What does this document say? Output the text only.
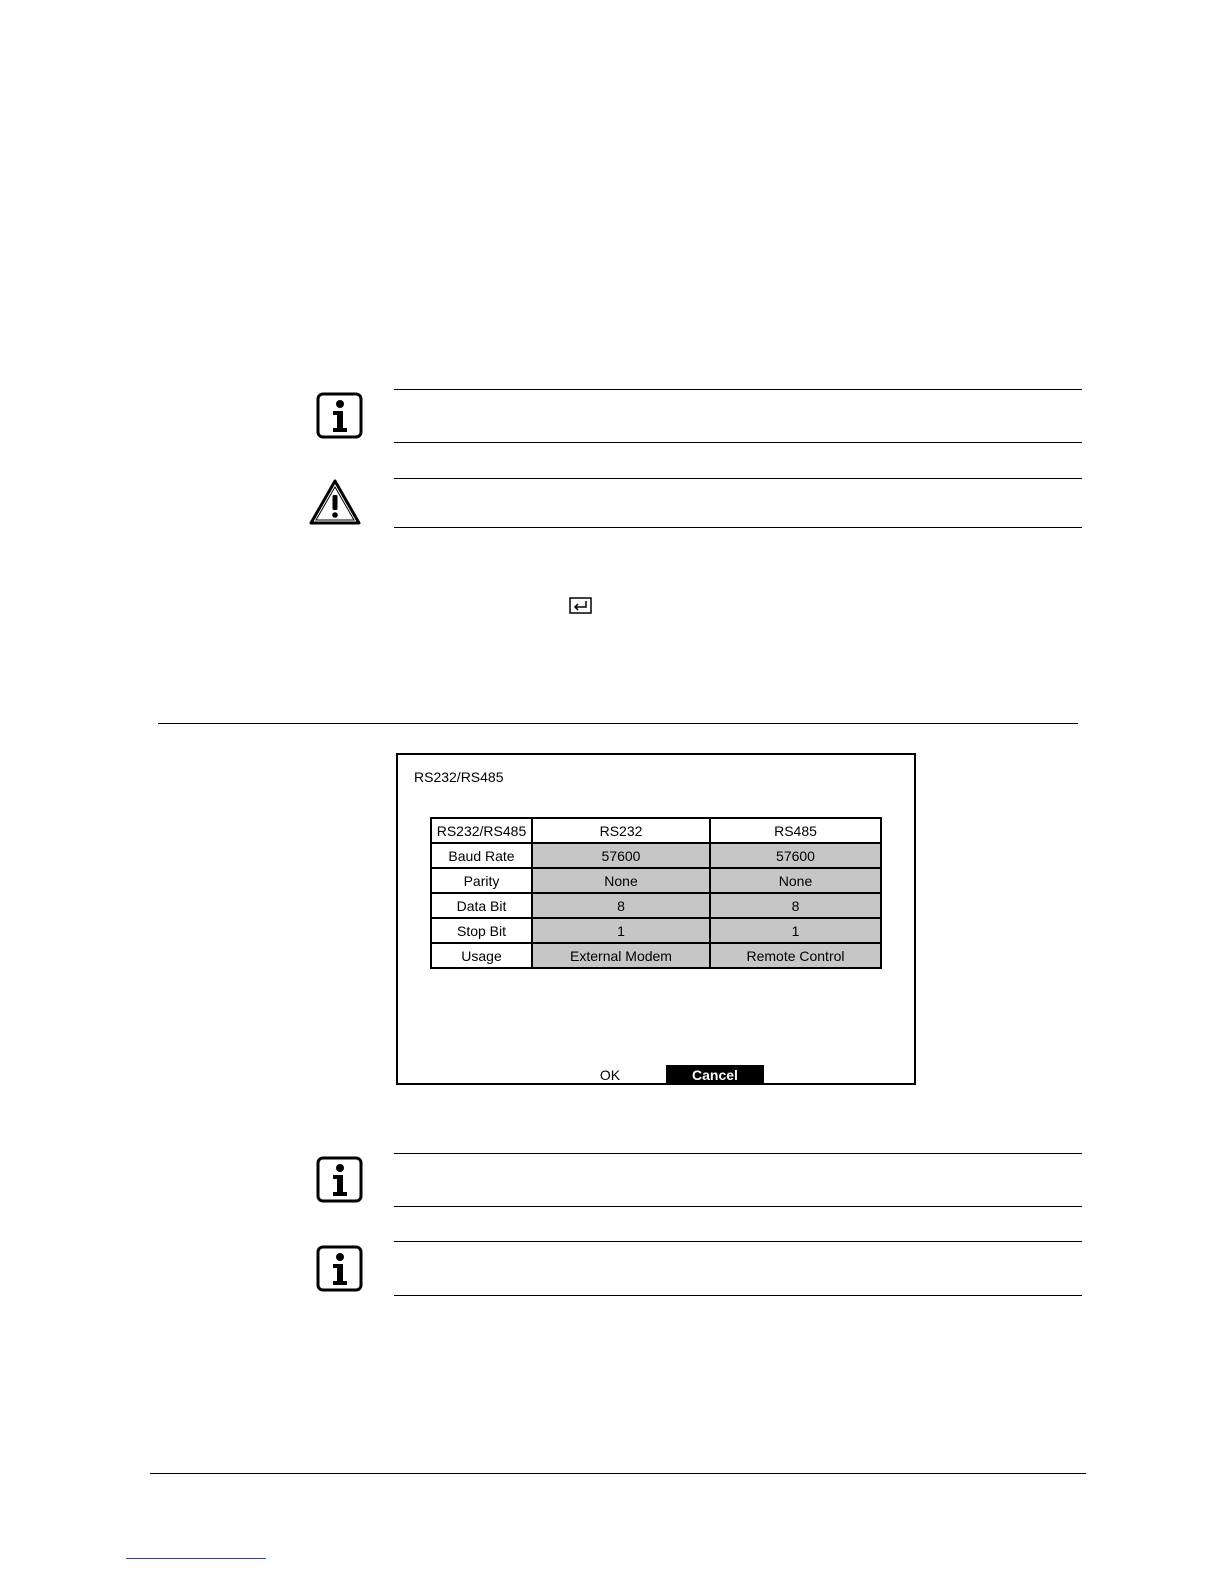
RS232/RS485
RS232/RS485	RS232	RS485
Baud Rate	57600	57600
Parity	None	None
Data Bit	8	8
Stop Bit	1	1
Usage	External Modem	Remote Control
OK	Cancel
